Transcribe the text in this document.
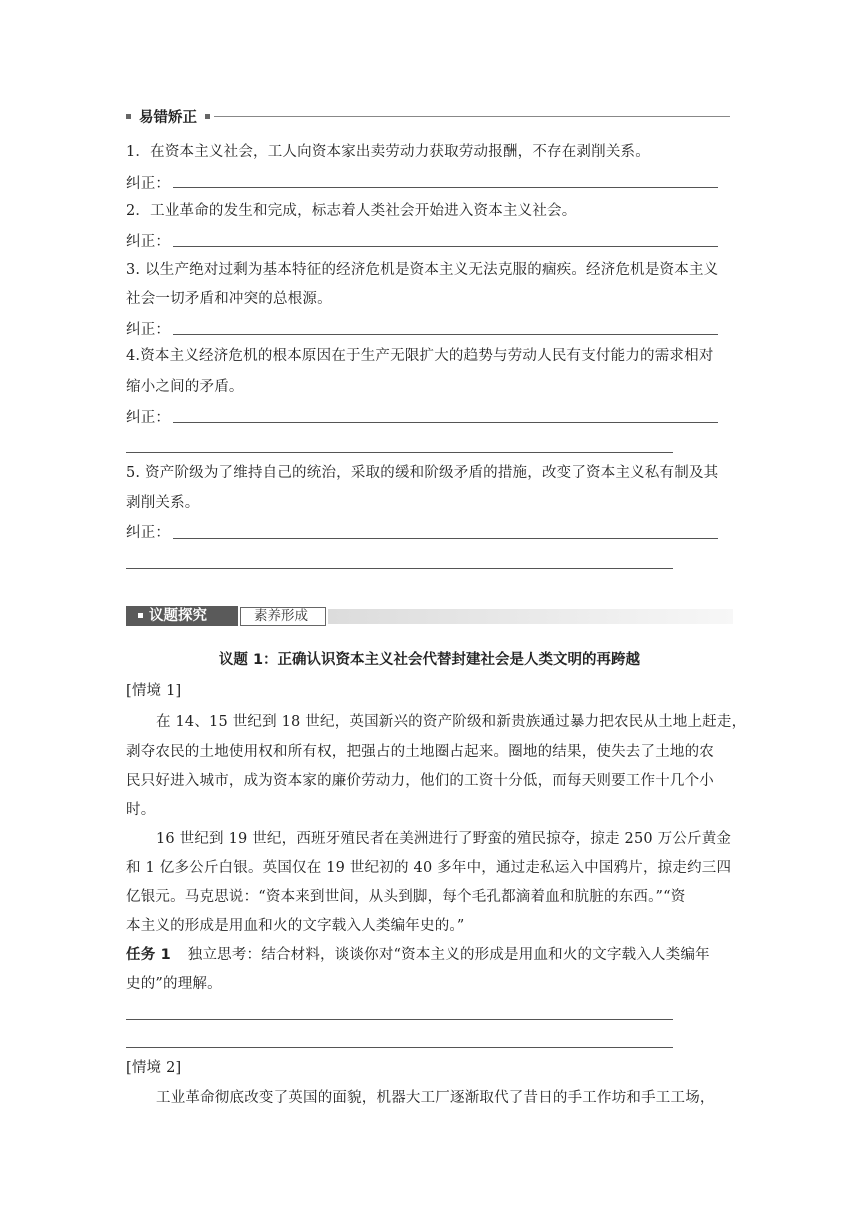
易错矫正
1．在资本主义社会，工人向资本家出卖劳动力获取劳动报酬，不存在剥削关系。
纠正：
2．工业革命的发生和完成，标志着人类社会开始进入资本主义社会。
纠正：
3. 以生产绝对过剩为基本特征的经济危机是资本主义无法克服的痼疾。经济危机是资本主义
社会一切矛盾和冲突的总根源。
纠正：
4.资本主义经济危机的根本原因在于生产无限扩大的趋势与劳动人民有支付能力的需求相对
缩小之间的矛盾。
纠正：
5. 资产阶级为了维持自己的统治，采取的缓和阶级矛盾的措施，改变了资本主义私有制及其
剥削关系。
纠正：
议题探究	素养形成
议题 1：正确认识资本主义社会代替封建社会是人类文明的再跨越
[情境 1]
在 14、15 世纪到 18 世纪，英国新兴的资产阶级和新贵族通过暴力把农民从土地上赶走，
剥夺农民的土地使用权和所有权，把强占的土地圈占起来。圈地的结果，使失去了土地的农
民只好进入城市，成为资本家的廉价劳动力，他们的工资十分低，而每天则要工作十几个小
时。
16 世纪到 19 世纪，西班牙殖民者在美洲进行了野蛮的殖民掠夺，掠走 250 万公斤黄金
和 1 亿多公斤白银。英国仅在 19 世纪初的 40 多年中，通过走私运入中国鸦片，掠走约三四
亿银元。马克思说：“资本来到世间，从头到脚，每个毛孔都滴着血和肮脏的东西。”“资
本主义的形成是用血和火的文字载入人类编年史的。”
任务 1 独立思考：结合材料，谈谈你对“资本主义的形成是用血和火的文字载入人类编年
史的”的理解。
[情境 2]
工业革命彻底改变了英国的面貌，机器大工厂逐渐取代了昔日的手工作坊和手工工场，
